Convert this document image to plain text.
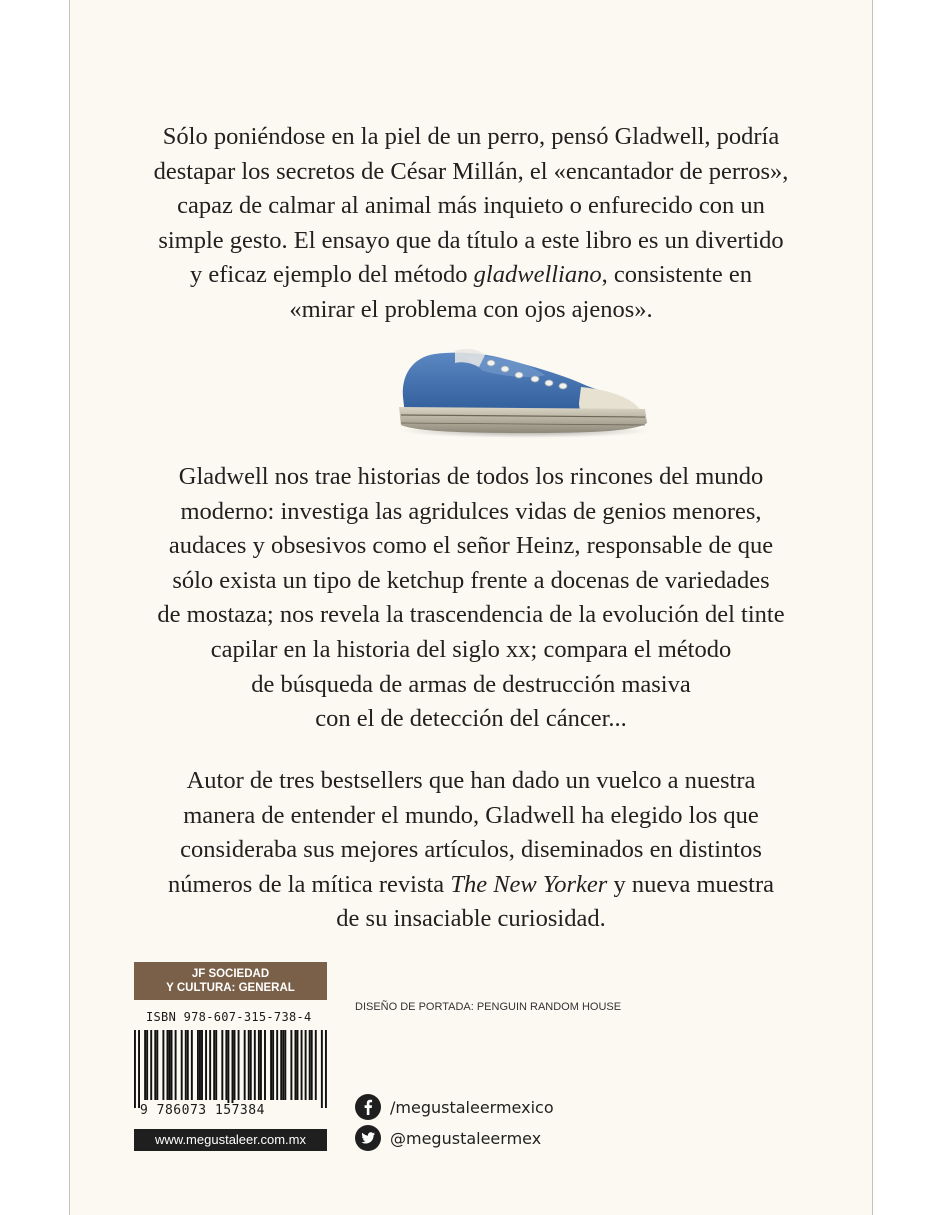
Sólo poniéndose en la piel de un perro, pensó Gladwell, podría
destapar los secretos de César Millán, el «encantador de perros»,
capaz de calmar al animal más inquieto o enfurecido con un
simple gesto. El ensayo que da título a este libro es un divertido
y eficaz ejemplo del método gladwelliano, consistente en
«mirar el problema con ojos ajenos».

Gladwell nos trae historias de todos los rincones del mundo
moderno: investiga las agridulces vidas de genios menores,
audaces y obsesivos como el señor Heinz, responsable de que
sólo exista un tipo de ketchup frente a docenas de variedades
de mostaza; nos revela la trascendencia de la evolución del tinte
capilar en la historia del siglo xx; compara el método
de búsqueda de armas de destrucción masiva
con el de detección del cáncer...

Autor de tres bestsellers que han dado un vuelco a nuestra
manera de entender el mundo, Gladwell ha elegido los que
consideraba sus mejores artículos, diseminados en distintos
números de la mítica revista The New Yorker y nueva muestra
de su insaciable curiosidad.

JF SOCIEDAD
Y CULTURA: GENERAL
ISBN 978-607-315-738-4
9 786073 157384
www.megustaleer.com.mx
DISEÑO DE PORTADA: PENGUIN RANDOM HOUSE
/megustaleermexico
@megustaleermex
